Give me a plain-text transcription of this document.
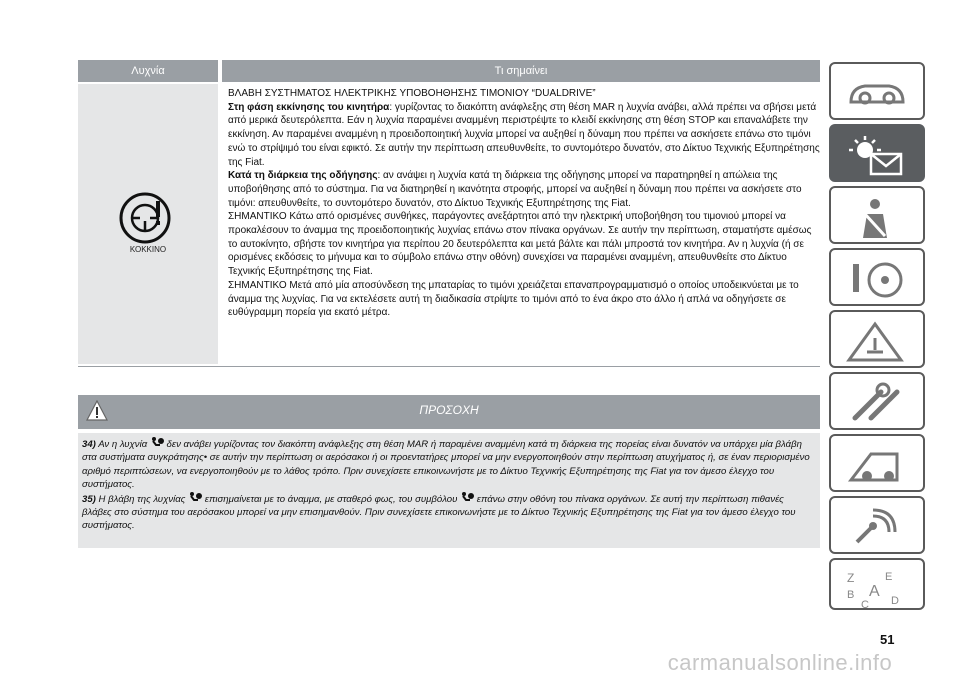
Λυχνία	Τι σημαίνει
ΚΟΚΚΙΝΟ

ΒΛΑΒΗ ΣΥΣΤΗΜΑΤΟΣ ΗΛΕΚΤΡΙΚΗΣ ΥΠΟΒΟΗΘΗΣΗΣ ΤΙΜΟΝΙΟΥ “DUALDRIVE”

Στη φάση εκκίνησης του κινητήρα: γυρίζοντας το διακόπτη ανάφλεξης στη θέση MAR η λυχνία ανάβει, αλλά πρέπει να σβήσει μετά από μερικά δευτερόλεπτα. Εάν η λυχνία παραμένει αναμμένη περιστρέψτε το κλειδί εκκίνησης στη θέση STOP και επαναλάβετε την εκκίνηση. Αν παραμένει αναμμένη η προειδοποιητική λυχνία μπορεί να αυξηθεί η δύναμη που πρέπει να ασκήσετε επάνω στο τιμόνι ενώ το στρίψιμό του είναι εφικτό. Σε αυτήν την περίπτωση απευθυνθείτε, το συντομότερο δυνατόν, στο Δίκτυο Τεχνικής Εξυπηρέτησης της Fiat.

Κατά τη διάρκεια της οδήγησης: αν ανάψει η λυχνία κατά τη διάρκεια της οδήγησης μπορεί να παρατηρηθεί η απώλεια της υποβοήθησης από το σύστημα. Για να διατηρηθεί η ικανότητα στροφής, μπορεί να αυξηθεί η δύναμη που πρέπει να ασκήσετε στο τιμόνι: απευθυνθείτε, το συντομότερο δυνατόν, στο Δίκτυο Τεχνικής Εξυπηρέτησης της Fiat.

ΣΗΜΑΝΤΙΚΟ Κάτω από ορισμένες συνθήκες, παράγοντες ανεξάρτητοι από την ηλεκτρική υποβοήθηση του τιμονιού μπορεί να προκαλέσουν το άναμμα της προειδοποιητικής λυχνίας επάνω στον πίνακα οργάνων. Σε αυτήν την περίπτωση, σταματήστε αμέσως το αυτοκίνητο, σβήστε τον κινητήρα για περίπου 20 δευτερόλεπτα και μετά βάλτε και πάλι μπροστά τον κινητήρα. Αν η λυχνία (ή σε ορισμένες εκδόσεις το μήνυμα και το σύμβολο επάνω στην οθόνη) συνεχίσει να παραμένει αναμμένη, απευθυνθείτε στο Δίκτυο Τεχνικής Εξυπηρέτησης της Fiat.

ΣΗΜΑΝΤΙΚΟ Μετά από μία αποσύνδεση της μπαταρίας το τιμόνι χρειάζεται επαναπρογραμματισμό ο οποίος υποδεικνύεται με το άναμμα της λυχνίας. Για να εκτελέσετε αυτή τη διαδικασία στρίψτε το τιμόνι από το ένα άκρο στο άλλο ή απλά να οδηγήσετε σε ευθύγραμμη πορεία για εκατό μέτρα.

ΠΡΟΣΟΧΗ

34) Αν η λυχνία δεν ανάβει γυρίζοντας τον διακόπτη ανάφλεξης στη θέση MAR ή παραμένει αναμμένη κατά τη διάρκεια της πορείας είναι δυνατόν να υπάρχει μία βλάβη στα συστήματα συγκράτησης• σε αυτήν την περίπτωση οι αερόσακοι ή οι προεντατήρες μπορεί να μην ενεργοποιηθούν στην περίπτωση ατυχήματος ή, σε έναν περιορισμένο αριθμό περιπτώσεων, να ενεργοποιηθούν με το λάθος τρόπο. Πριν συνεχίσετε επικοινωνήστε με το Δίκτυο Τεχνικής Εξυπηρέτησης της Fiat για τον άμεσο έλεγχο του συστήματος.

35) Η βλάβη της λυχνίας επισημαίνεται με το άναμμα, με σταθερό φως, του συμβόλου επάνω στην οθόνη του πίνακα οργάνων. Σε αυτή την περίπτωση πιθανές βλάβες στο σύστημα του αερόσακου μπορεί να μην επισημανθούν. Πριν συνεχίσετε επικοινωνήστε με το Δίκτυο Τεχνικής Εξυπηρέτησης της Fiat για τον άμεσο έλεγχο του συστήματος.

Z	E
B A
C D
51
carmanualsonline.info
